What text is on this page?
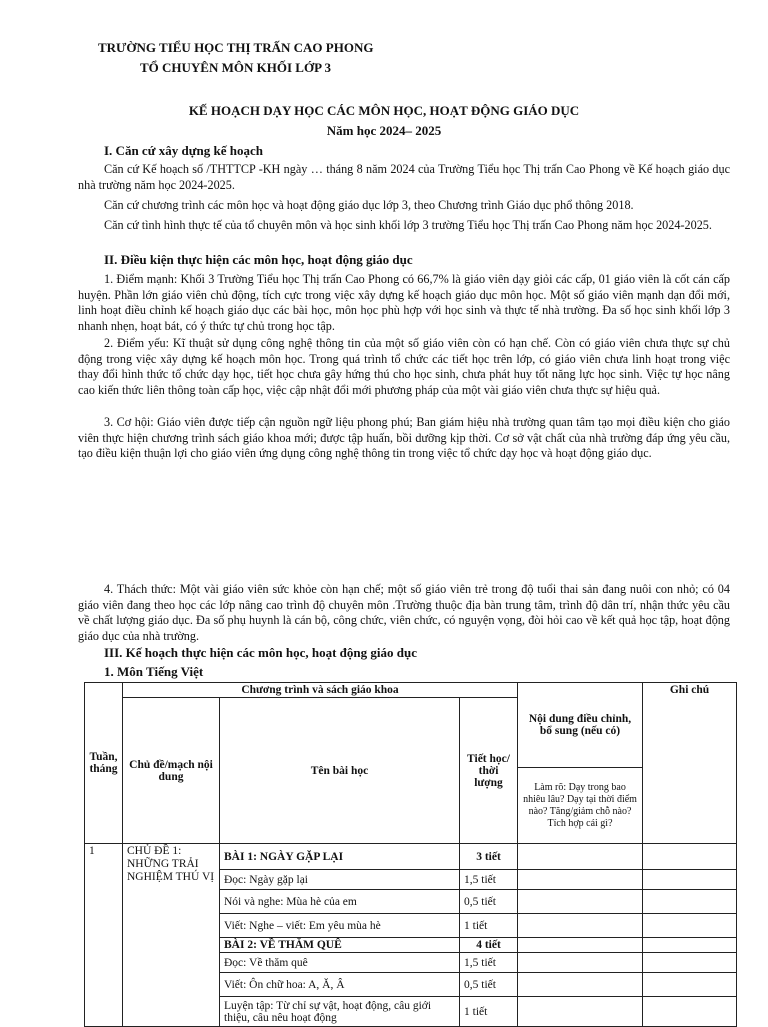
TRƯỜNG TIỂU HỌC THỊ TRẤN CAO PHONG
TỔ CHUYÊN MÔN KHỐI LỚP 3
KẾ HOẠCH DẠY HỌC CÁC MÔN HỌC, HOẠT ĐỘNG GIÁO DỤC
Năm học 2024– 2025
I. Căn cứ xây dựng kế hoạch

Căn cứ Kế hoạch số /THTTCP -KH ngày … tháng 8 năm 2024 của Trường Tiểu học Thị trấn Cao Phong về Kế hoạch giáo dục nhà trường năm học 2024-2025.

Căn cứ chương trình các môn học và hoạt động giáo dục lớp 3, theo Chương trình Giáo dục phổ thông 2018.

Căn cứ tình hình thực tế của tổ chuyên môn và học sinh khối lớp 3 trường Tiểu học Thị trấn Cao Phong năm học 2024-2025.

II. Điều kiện thực hiện các môn học, hoạt động giáo dục

1. Điểm mạnh: Khối 3 Trường Tiểu học Thị trấn Cao Phong có 66,7% là giáo viên dạy giỏi các cấp, 01 giáo viên là cốt cán cấp huyện. Phần lớn giáo viên chủ động, tích cực trong việc xây dựng kế hoạch giáo dục môn học. Một số giáo viên mạnh dạn đổi mới, linh hoạt điều chỉnh kế hoạch giáo dục các bài học, môn học phù hợp với học sinh và thực tế nhà trường. Đa số học sinh khối lớp 3 nhanh nhẹn, hoạt bát, có ý thức tự chủ trong học tập.

2. Điểm yếu: Kĩ thuật sử dụng công nghệ thông tin của một số giáo viên còn có hạn chế. Còn có giáo viên chưa thực sự chủ động trong việc xây dựng kế hoạch môn học. Trong quá trình tổ chức các tiết học trên lớp, có giáo viên chưa linh hoạt trong việc thay đổi hình thức tổ chức dạy học, tiết học chưa gây hứng thú cho học sinh, chưa phát huy tốt năng lực học sinh. Việc tự học nâng cao kiến thức liên thông toàn cấp học, việc cập nhật đổi mới phương pháp của một vài giáo viên chưa thực sự hiệu quả.

3. Cơ hội: Giáo viên được tiếp cận nguồn ngữ liệu phong phú; Ban giám hiệu nhà trường quan tâm tạo mọi điều kiện cho giáo viên thực hiện chương trình sách giáo khoa mới; được tập huấn, bồi dưỡng kịp thời. Cơ sở vật chất của nhà trường đáp ứng yêu cầu, tạo điều kiện thuận lợi cho giáo viên ứng dụng công nghệ thông tin trong việc tổ chức dạy học và hoạt động giáo dục.

4. Thách thức: Một vài giáo viên sức khỏe còn hạn chế; một số giáo viên trẻ trong độ tuổi thai sản đang nuôi con nhỏ; có 04 giáo viên đang theo học các lớp nâng cao trình độ chuyên môn .Trường thuộc địa bàn trung tâm, trình độ dân trí, nhận thức yêu cầu về chất lượng giáo dục. Đa số phụ huynh là cán bộ, công chức, viên chức, có nguyện vọng, đòi hỏi cao về kết quả học tập, hoạt động giáo dục của nhà trường.

III. Kế hoạch thực hiện các môn học, hoạt động giáo dục
1. Môn Tiếng Việt
Tuần, tháng	Chương trình và sách giáo khoa			Nội dung điều chỉnh, bổ sung (nếu có)	Ghi chú
	Chủ đề/mạch nội dung	Tên bài học	Tiết học/ thời lượng		
				Làm rõ: Dạy trong bao nhiêu lâu? Dạy tại thời điểm nào? Tăng/giảm chỗ nào?
Tích hợp cái gì?	
1	CHỦ ĐỀ 1: NHỮNG TRẢI NGHIỆM THÚ VỊ	BÀI 1: NGÀY GẶP LẠI	3 tiết		
		Đọc: Ngày gặp lại	1,5 tiết		
		Nói và nghe: Mùa hè của em	0,5 tiết		
		Viết: Nghe – viết: Em yêu mùa hè	1 tiết		
		BÀI 2: VỀ THĂM QUÊ	4 tiết		
		Đọc: Về thăm quê	1,5 tiết		
		Viết: Ôn chữ hoa: A, Ă, Â	0,5 tiết		
		Luyện tập: Từ chỉ sự vật, hoạt động, câu giới thiệu, câu nêu hoạt động	1 tiết		
